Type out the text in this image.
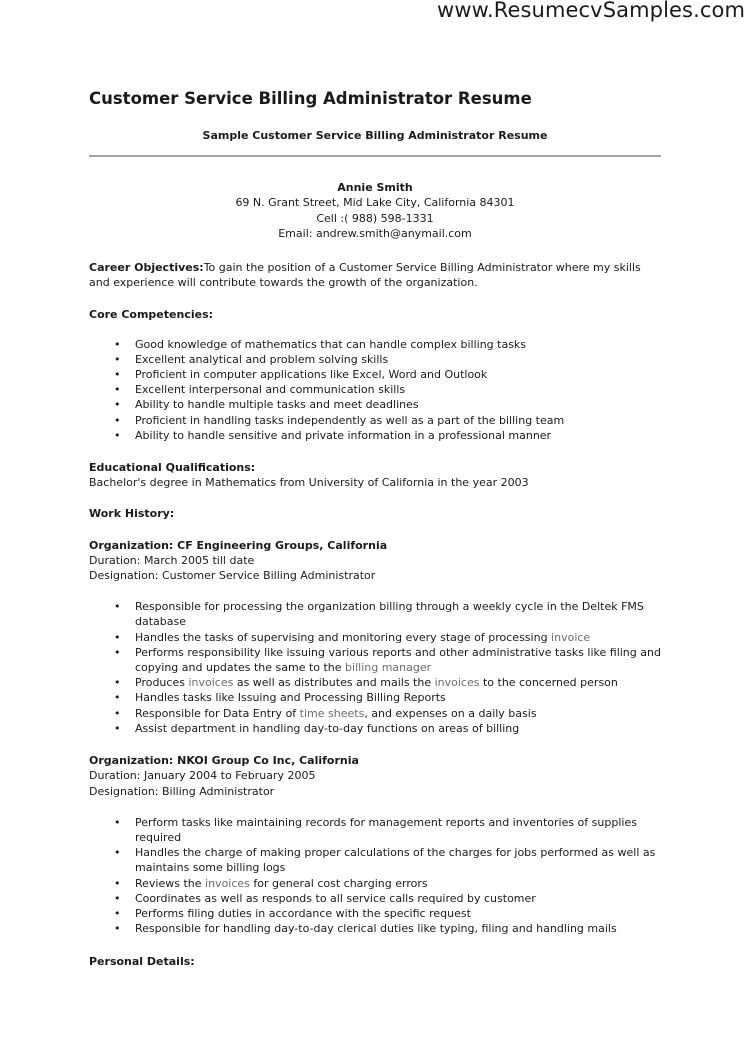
www.ResumecvSamples.com
Customer Service Billing Administrator Resume
Sample Customer Service Billing Administrator Resume
Annie Smith
69 N. Grant Street, Mid Lake City, California 84301
Cell :( 988) 598-1331
Email: andrew.smith@anymail.com
Career Objectives:To gain the position of a Customer Service Billing Administrator where my skills and experience will contribute towards the growth of the organization.
Core Competencies:
• Good knowledge of mathematics that can handle complex billing tasks
• Excellent analytical and problem solving skills
• Proficient in computer applications like Excel, Word and Outlook
• Excellent interpersonal and communication skills
• Ability to handle multiple tasks and meet deadlines
• Proficient in handling tasks independently as well as a part of the billing team
• Ability to handle sensitive and private information in a professional manner
Educational Qualifications:
Bachelor's degree in Mathematics from University of California in the year 2003
Work History:
Organization: CF Engineering Groups, California
Duration: March 2005 till date
Designation: Customer Service Billing Administrator
• Responsible for processing the organization billing through a weekly cycle in the Deltek FMS database
• Handles the tasks of supervising and monitoring every stage of processing invoice
• Performs responsibility like issuing various reports and other administrative tasks like filing and copying and updates the same to the billing manager
• Produces invoices as well as distributes and mails the invoices to the concerned person
• Handles tasks like Issuing and Processing Billing Reports
• Responsible for Data Entry of time sheets, and expenses on a daily basis
• Assist department in handling day-to-day functions on areas of billing
Organization: NKOI Group Co Inc, California
Duration: January 2004 to February 2005
Designation: Billing Administrator
• Perform tasks like maintaining records for management reports and inventories of supplies required
• Handles the charge of making proper calculations of the charges for jobs performed as well as maintains some billing logs
• Reviews the invoices for general cost charging errors
• Coordinates as well as responds to all service calls required by customer
• Performs filing duties in accordance with the specific request
• Responsible for handling day-to-day clerical duties like typing, filing and handling mails
Personal Details:
